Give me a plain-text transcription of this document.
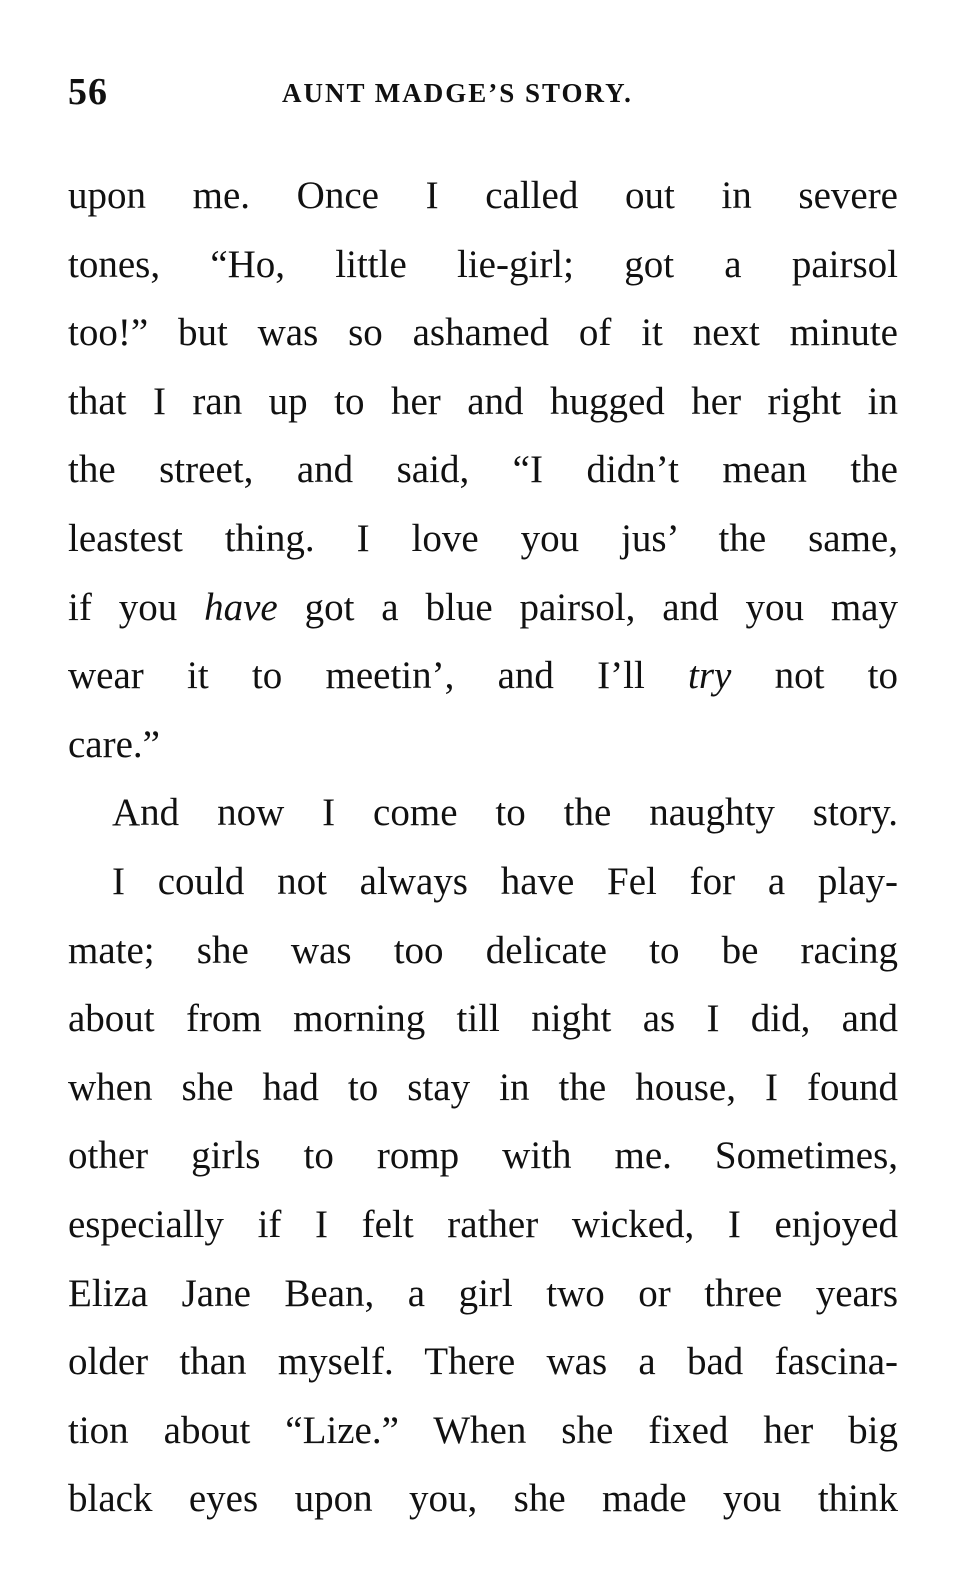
56	AUNT MADGE’S STORY.
upon me. Once I called out in severe
tones, “Ho, little lie-girl; got a pairsol
too!” but was so ashamed of it next minute
that I ran up to her and hugged her right in
the street, and said, “I didn’t mean the
leastest thing. I love you jus’ the same,
if you have got a blue pairsol, and you may
wear it to meetin’, and I’ll try not to
care.”
And now I come to the naughty story.
I could not always have Fel for a play-
mate; she was too delicate to be racing
about from morning till night as I did, and
when she had to stay in the house, I found
other girls to romp with me. Sometimes,
especially if I felt rather wicked, I enjoyed
Eliza Jane Bean, a girl two or three years
older than myself. There was a bad fascina-
tion about “Lize.” When she fixed her big
black eyes upon you, she made you think
